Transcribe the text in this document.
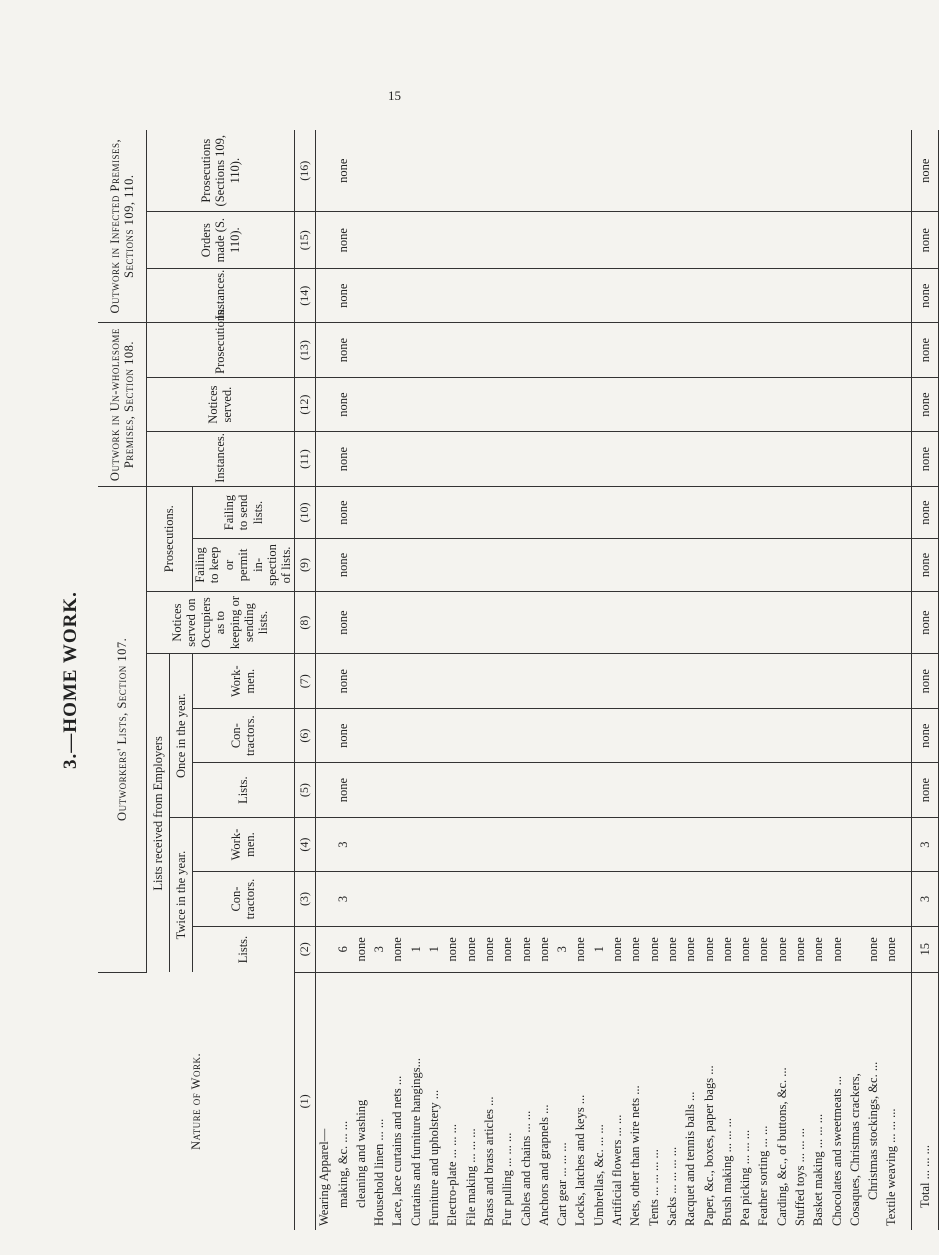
15
3.—HOME WORK.
Nature of Work.	Outworkers' Lists, Section 107.									Outwork in Un-wholesome Premises, Section 108.			Outwork in Infected Premises, Sections 109, 110.		
	Lists received from Employers						Notices served on Occupiers as to keeping or sending lists.	Prosecutions.		Instances.	Notices served.	Prosecutions.	Instances.	Orders made (S. 110).	Prosecutions (Sections 109, 110).
	Twice in the year.			Once in the year.											
	Lists.	Con-tractors.	Work-men.	Lists.	Con-tractors.	Work-men.		Failing to keep or permit in-spection of lists.	Failing to send lists.						
(1)	(2)	(3)	(4)	(5)	(6)	(7)	(8)	(9)	(10)	(11)	(12)	(13)	(14)	(15)	(16)
Wearing Apparel—															
making, &c. ... ...	6	3	3	none	none	none	none	none	none	none	none	none	none	none	none
cleaning and washing	none														
Household linen ... ...	3														
Lace, lace curtains and nets ...	none														
Curtains and furniture hangings...	1														
Furniture and upholstery ...	1														
Electro-plate ... ... ...	none														
File making ... ... ...	none														
Brass and brass articles ...	none														
Fur pulling ... ... ...	none														
Cables and chains ... ...	none														
Anchors and grapnels ...	none														
Cart gear ... ... ...	3														
Locks, latches and keys ...	none														
Umbrellas, &c. ... ...	1														
Artificial flowers ... ...	none														
Nets, other than wire nets ...	none														
Tents ... ... ... ...	none														
Sacks ... ... ... ...	none														
Racquet and tennis balls ...	none														
Paper, &c., boxes, paper bags ...	none														
Brush making ... ... ...	none														
Pea picking ... ... ...	none														
Feather sorting ... ...	none														
Carding, &c., of buttons, &c. ...	none														
Stuffed toys ... ... ...	none														
Basket making ... ... ...	none														
Chocolates and sweetmeats ...	none														
Cosaques, Christmas crackers,															
Christmas stockings, &c. ...	none														
Textile weaving ... ... ...	none														

Total ... ... ...	15	3	3	none	none	none	none	none	none	none	none	none	none	none	none
